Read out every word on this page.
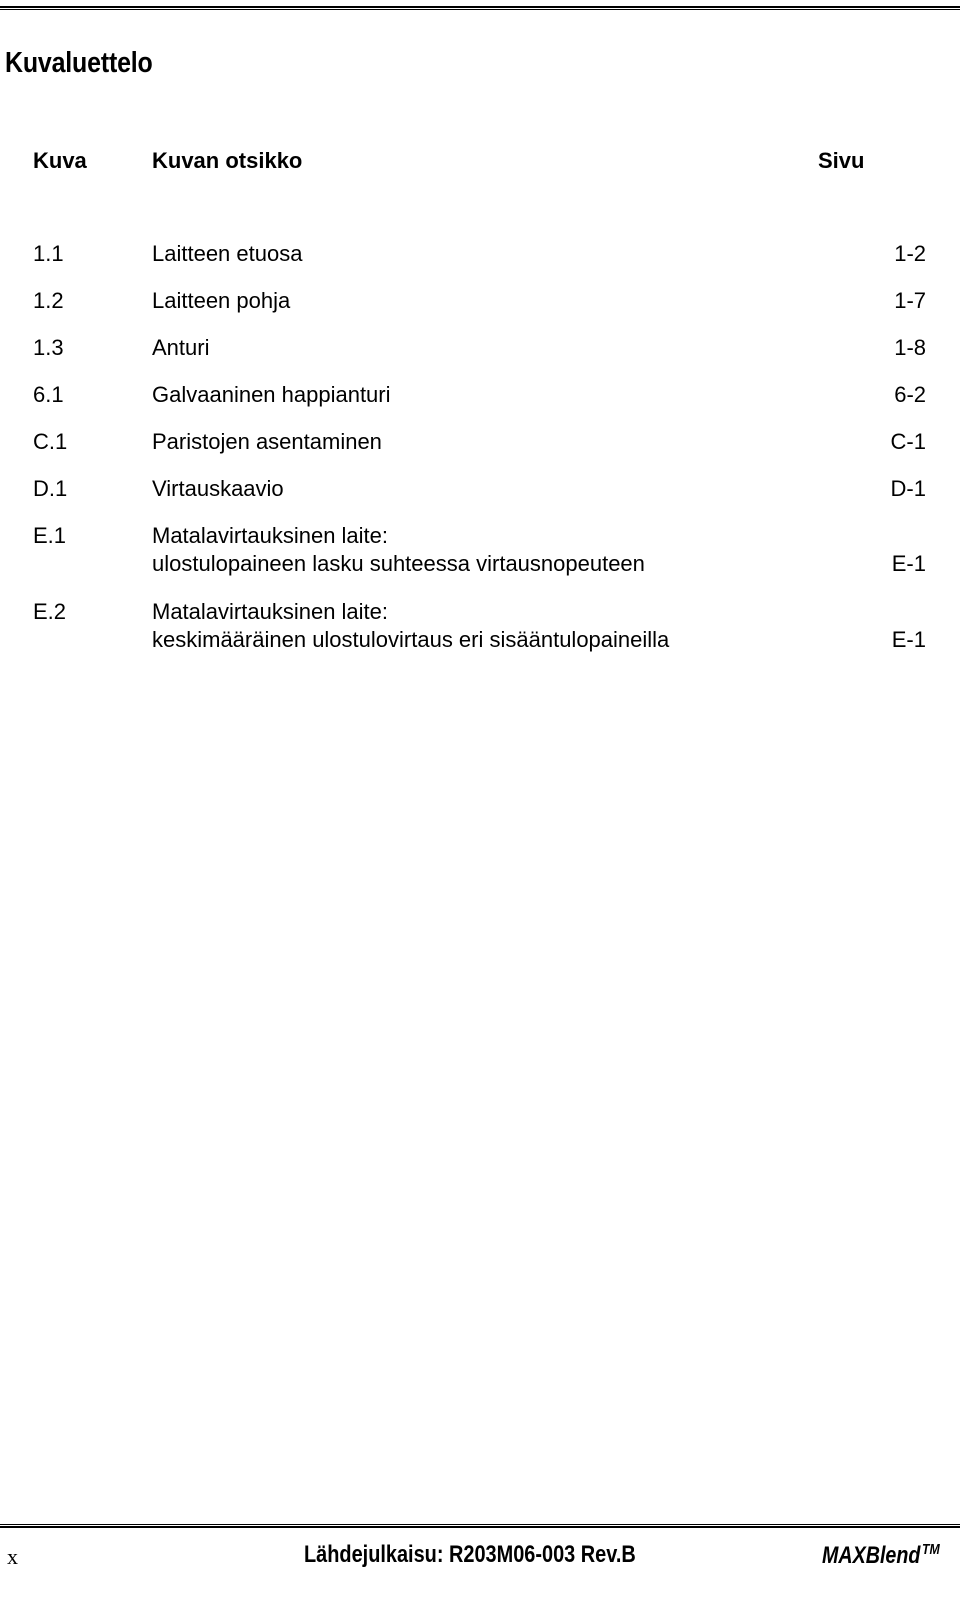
Kuvaluettelo
Kuva	Kuvan otsikko	Sivu
1.1	Laitteen etuosa	1-2
1.2	Laitteen pohja	1-7
1.3	Anturi	1-8
6.1	Galvaaninen happianturi	6-2
C.1	Paristojen asentaminen	C-1
D.1	Virtauskaavio	D-1
E.1	Matalavirtauksinen laite:
ulostulopaineen lasku suhteessa virtausnopeuteen	E-1
E.2	Matalavirtauksinen laite:
keskimääräinen ulostulovirtaus eri sisääntulopaineilla	E-1
x	Lähdejulkaisu: R203M06-003 Rev.B	MAXBlend ™
